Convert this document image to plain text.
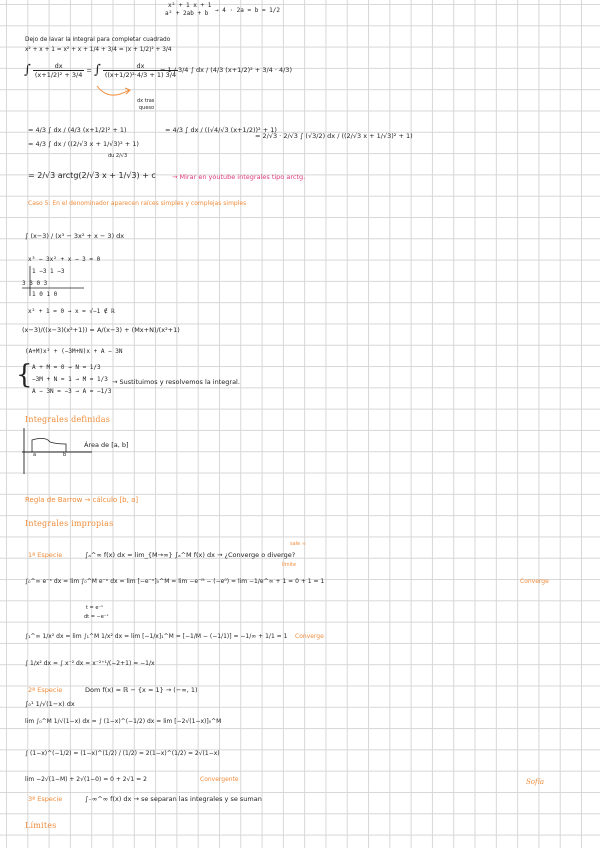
x² + 1 x + 1
a² + 2ab + b → 4 · 2a = b = 1/2
Dejo de lavar la integral para completar cuadrado
x² + x + 1 = x² + x + 1/4 + 3/4 = (x + 1/2)² + 3/4
∫ $\frac{dx}{\text{(x+1/2)² + 3/4}}$ = ∫ $\frac{dx}{\text{((x+1/2)²·4/3 + 1) 3/4}}$
= 1 / 3/4 ∫ dx / (4/3 (x+1/2)² + 3/4 · 4/3)
dx tras
queso
= 4/3 ∫ dx / (4/3 (x+1/2)² + 1)	= 4/3 ∫ dx / ((√4/√3 (x+1/2))² + 1)
= 4/3 ∫ dx / ((2/√3 x + 1/√3)² + 1)
= 2/√3 · 2/√3 ∫ (√3/2) dx / ((2/√3 x + 1/√3)² + 1)
du 2/√3
= 2/√3 arctg(2/√3 x + 1/√3) + c → Mirar en youtube integrales tipo arctg.
Caso 5: En el denominador aparecen raíces simples y complejas simples
∫ (x−3) / (x³ − 3x² + x − 3) dx
x³ − 3x² + x − 3 = 0
1 −3 1 −3
3 3 0 3
1 0 1 0
x² + 1 = 0 → x = √−1 ∉ ℝ
(x−3)/((x−3)(x²+1)) = A/(x−3) + (Mx+N)/(x²+1)
(A+M)x² + (−3M+N)x + A − 3N
{ A + M = 0 → N = 1/3
−3M + N = 1 → M = 1/3
A − 3N = −3 → A = −1/3
→ Sustituimos y resolvemos la integral.
Integrales definidas
a	b
Área de [a, b]
Regla de Barrow → cálculo [b, a]
Integrales impropias
1ª Especie	∫ₐ^∞ f(x) dx = lim_{M→∞} ∫ₐ^M f(x) dx → ¿Converge o diverge?
sale ∞
límite
∫₀^∞ e⁻ˣ dx = lim ∫₀^M e⁻ˣ dx = lim [−e⁻ˣ]₀^M = lim −e⁻ᴹ − (−e⁰) = lim −1/e^∞ + 1 = 0 + 1 = 1	Converge
t = e⁻ˣ
dt = −e⁻ˣ
∫₁^∞ 1/x² dx = lim ∫₁^M 1/x² dx = lim [−1/x]₁^M = [−1/M − (−1/1)] = −1/∞ + 1/1 = 1 Converge
∫ 1/x² dx = ∫ x⁻² dx = x⁻²⁺¹/(−2+1) = −1/x
2ª Especie	Dom f(x) = ℝ − {x = 1} → (−∞, 1)
∫₀¹ 1/√(1−x) dx
lim ∫₀^M 1/√(1−x) dx = ∫ (1−x)^(−1/2) dx = lim [−2√(1−x)]₀^M
∫ (1−x)^(−1/2) = (1−x)^(1/2) / (1/2) = 2(1−x)^(1/2) = 2√(1−x)
lim −2√(1−M) + 2√(1−0) = 0 + 2√1 = 2	Convergente
3ª Especie	∫₋∞^∞ f(x) dx → se separan las integrales y se suman
Límites
Sofía
